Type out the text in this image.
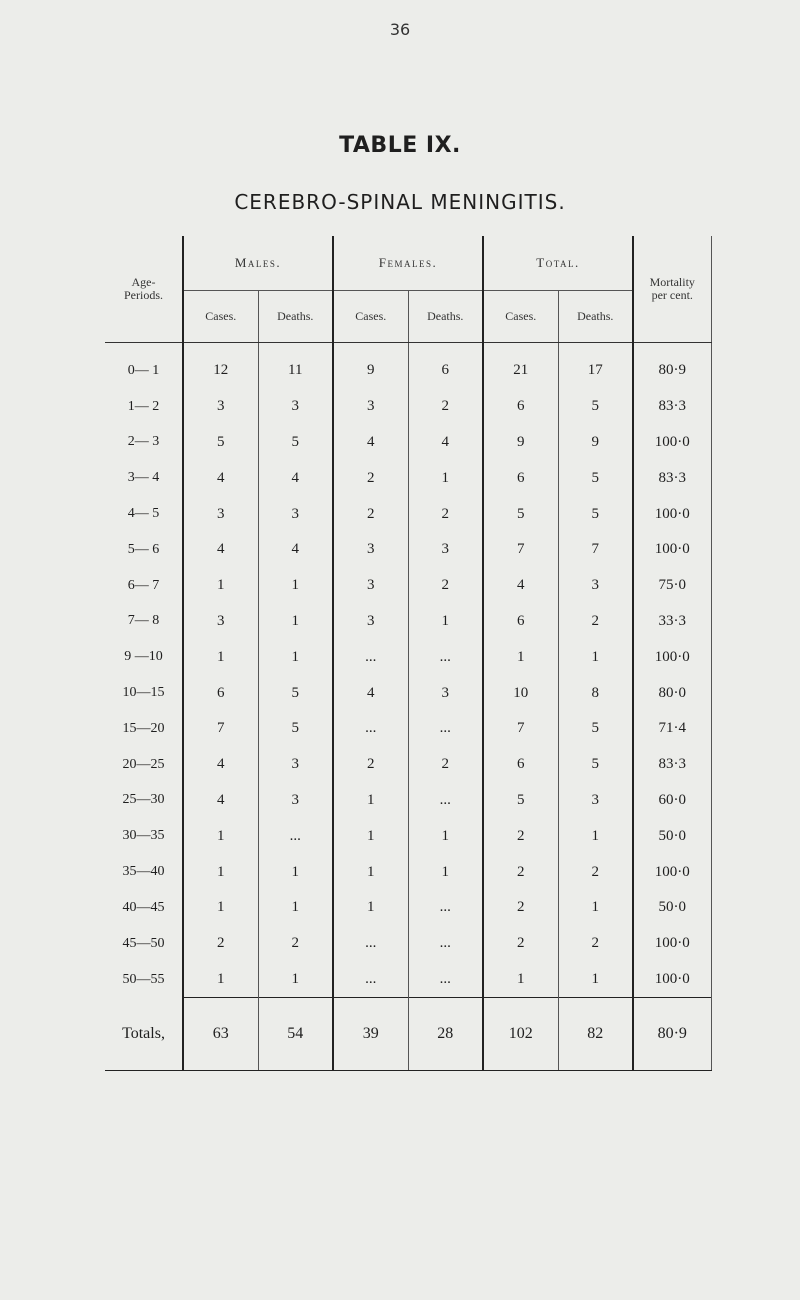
36
TABLE IX.
CEREBRO-SPINAL MENINGITIS.
Age-
Periods.	Males.		Females.		Total.		Mortality
per cent.
	Cases.	Deaths.	Cases.	Deaths.	Cases.	Deaths.	
0— 1	12	11	9	6	21	17	80·9
1— 2	3	3	3	2	6	5	83·3
2— 3	5	5	4	4	9	9	100·0
3— 4	4	4	2	1	6	5	83·3
4— 5	3	3	2	2	5	5	100·0
5— 6	4	4	3	3	7	7	100·0
6— 7	1	1	3	2	4	3	75·0
7— 8	3	1	3	1	6	2	33·3
9 —10	1	1	...	...	1	1	100·0
10—15	6	5	4	3	10	8	80·0
15—20	7	5	...	...	7	5	71·4
20—25	4	3	2	2	6	5	83·3
25—30	4	3	1	...	5	3	60·0
30—35	1	...	1	1	2	1	50·0
35—40	1	1	1	1	2	2	100·0
40—45	1	1	1	...	2	1	50·0
45—50	2	2	...	...	2	2	100·0
50—55	1	1	...	...	1	1	100·0
Totals,	63	54	39	28	102	82	80·9
